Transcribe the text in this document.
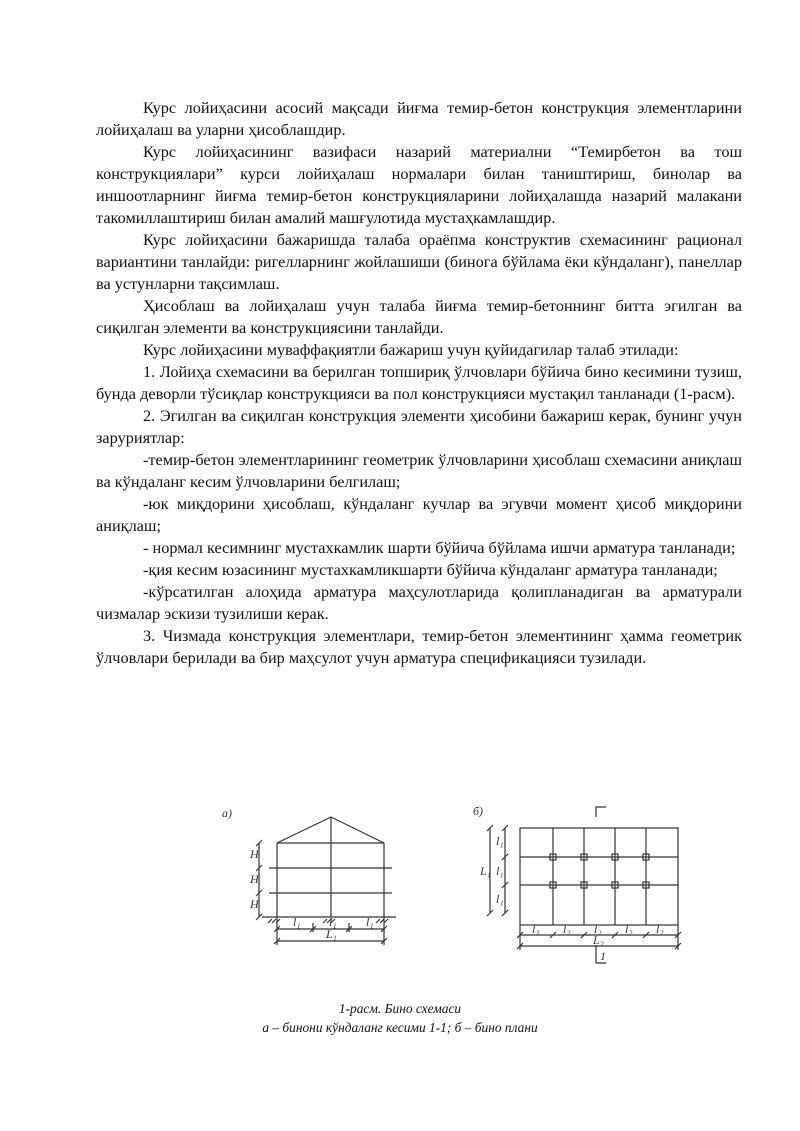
Курс лойиҳасини асосий мақсади йиғма темир-бетон конструкция элементларини лойиҳалаш ва уларни ҳисоблашдир.

Курс лойиҳасининг вазифаси назарий материални “Темирбетон ва тош конструкциялари” курси лойиҳалаш нормалари билан таништириш, бинолар ва иншоотларнинг йиғма темир-бетон конструкцияларини лойиҳалашда назарий малакани такомиллаштириш билан амалий машғулотида мустаҳкамлашдир.

Курс лойиҳасини бажаришда талаба ораёпма конструктив схемасининг рационал вариантини танлайди: ригелларнинг жойлашиши (бинога бўйлама ёки кўндаланг), панеллар ва устунларни тақсимлаш.

Ҳисоблаш ва лойиҳалаш учун талаба йиғма темир-бетоннинг битта эгилган ва сиқилган элементи ва конструкциясини танлайди.

Курс лойиҳасини муваффақиятли бажариш учун қуйидагилар талаб этилади:

1. Лойиҳа схемасини ва берилган топшириқ ўлчовлари бўйича бино кесимини тузиш, бунда деворли тўсиқлар конструкцияси ва пол конструкцияси мустақил танланади (1-расм).

2. Эгилган ва сиқилган конструкция элементи ҳисобини бажариш керак, бунинг учун заруриятлар:

-темир-бетон элементларининг геометрик ўлчовларини ҳисоблаш схемасини аниқлаш ва кўндаланг кесим ўлчовларини белгилаш;

-юк миқдорини ҳисоблаш, кўндаланг кучлар ва эгувчи момент ҳисоб миқдорини аниқлаш;

- нормал кесимнинг мустахкамлик шарти бўйича бўйлама ишчи арматура танланади;

-қия кесим юзасининг мустахкамликшарти бўйича кўндаланг арматура танланади;

-кўрсатилган алоҳида арматура маҳсулотларида қолипланадиган ва арматурали чизмалар эскизи тузилиши керак.

3. Чизмада конструкция элементлари, темир-бетон элементининг ҳамма геометрик ўлчовлари берилади ва бир маҳсулот учун арматура спецификацияси тузилади.

а)	б)
H
H
H
l₁ l₁ l₁
L₁
l₁
l₁
l₁
L₁
l₂ l₂ l₂ l₂ l₂
L₂
1
1-расм. Бино схемаси
а – бинони кўндаланг кесими 1-1; б – бино плани
